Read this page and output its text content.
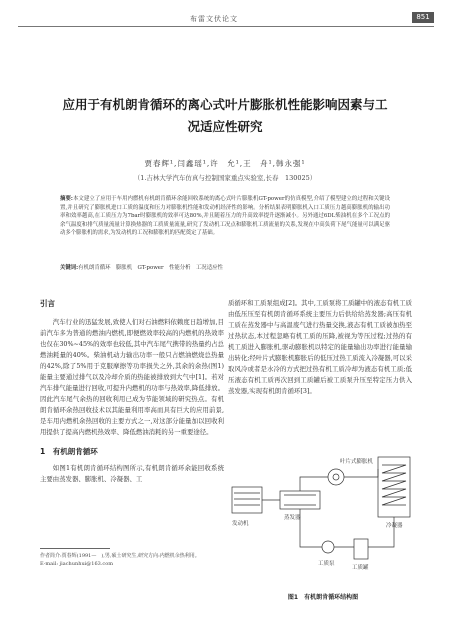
布雷文伏论文	851
应用于有机朗肯循环的离心式叶片膨胀机性能影响因素与工
况适应性研究
贾春辉¹,闫鑫瑶¹,许　允¹,王　舟¹,韩永强¹
（1.吉林大学汽车仿真与控制国家重点实验室,长春　130025）
摘要:本文建立了应用于车用内燃机有机朗肯循环余能回收系统的离心式叶片膨胀机GT-power的仿真模型,介绍了模型建立的过程和关键设置,并且研究了膨胀机进口工质的温度和压力对膨胀机性能和发动机经济性的影响。分析结果表明膨胀机入口工质压力越高膨胀机的输出功率和效率越高,在工质压力为7bar时膨胀机的效率可达80%,并且随着压力的升高效率提升逐渐减小。另外通过6DL柴油机在多个工况点的余气温度和排气质量流量计算换热器的工质质量流量,研究了发动机工况点和膨胀机工质流量的关系,发现在中高负荷下尾气能量可以满足驱动多个膨胀机的需求,为发动机的工况和膨胀机的匹配奠定了基础。
关键词:有机朗肯循环　膨胀机　GT-power　性能分析　工况适应性
引言

汽车行业的迅猛发展,致使人们对石油燃料依赖度日趋增加,目前汽车多为普通的燃油内燃机,即便燃效率较高的内燃机的热效率也仅在30%~45%的效率也较低,其中汽车尾气携带的热量约占总燃油耗量的40%。柴油机动力输出功率一般只占燃油燃烧总热量的42%,除了5%用于克服摩擦等功率损失之外,其余的余热(图1)能量主要通过排气以及冷却介质的热能被排放到大气中[1]。若对汽车排气能量进行回收,可提升内燃机的功率与热效率,降低排放。因此汽车尾气余热的回收利用已成为节能领域的研究热点。有机朗肯循环余热回收技术以其能量利用率高而具有巨大的应用前景,是车用内燃机余热回收的主要方式之一,对这部分能量加以回收利用提供了提高内燃机热效率、降低燃油消耗的另一重要途径。

1　有机朗肯循环

如图1有机朗肯循环结构图所示,有机朗肯循环余能回收系统主要由蒸发器、膨胀机、冷凝器、工

作者简介:贾春辉(1991—　),男,硕士研究生,研究方向:内燃机余热利用。
E-mail: jiachunhui@163.com

质循环和工质泵组成[2]。其中,工质泵将工质罐中的液态有机工质由低压压至有机朗肯循环系统主要压力后供给给蒸发器;高压有机工质在蒸发器中与高温废气进行热量交换,液态有机工质被加热至过热状态,本过程忽略有机工质的压降,被视为等压过程;过热的有机工质进入膨胀机,驱动膨胀机以特定的能量输出功率进行能量输出转化;经叶片式膨胀机膨胀后的低压过热工质流入冷凝器,可以采取风冷或者是水冷的方式把过热有机工质冷却为液态有机工质;低压液态有机工质再次回到工质罐后被工质泵升压至特定压力供入蒸发器,实现有机朗肯循环[3]。

叶片式膨胀机
冷凝器
蒸发器
发动机
工质泵
工质罐
图1　有机朗肯循环结构图
